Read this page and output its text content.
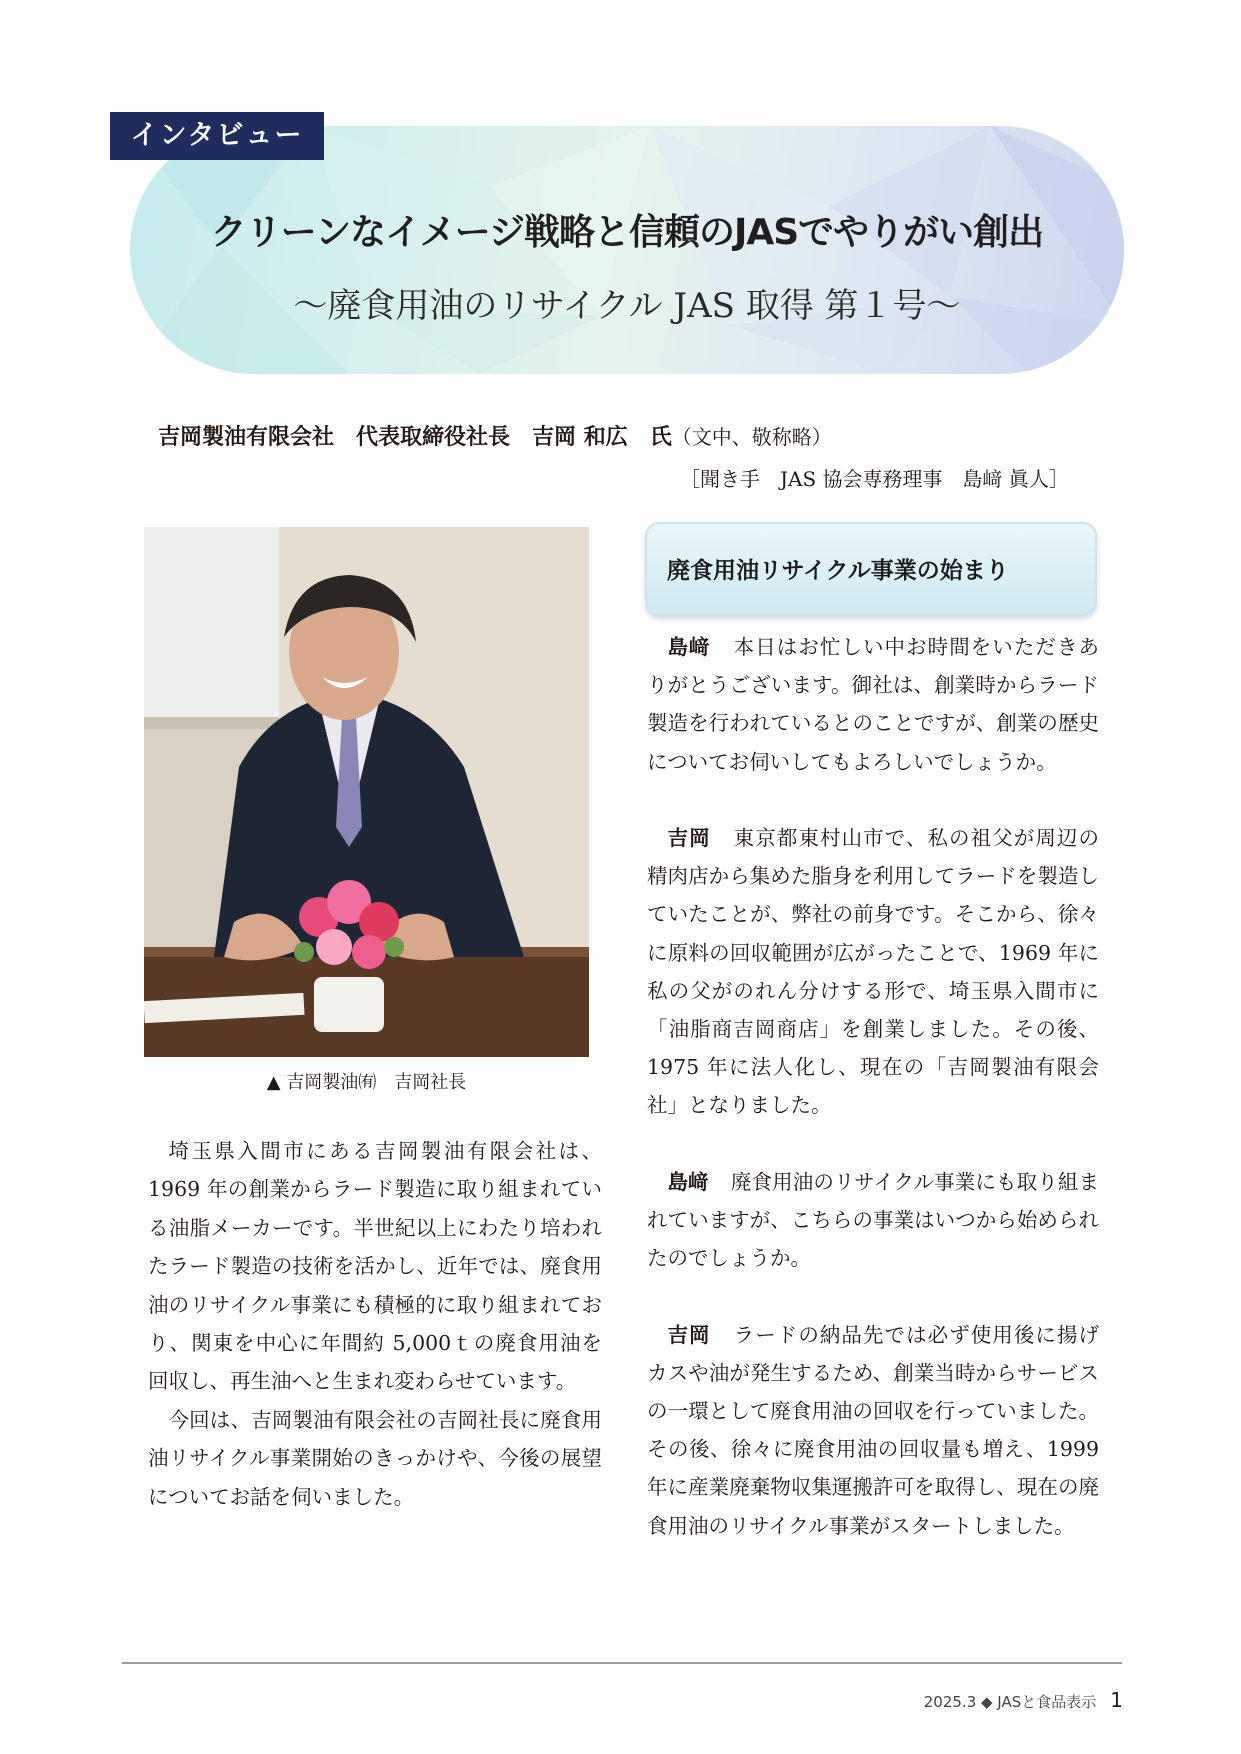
インタビュー
クリーンなイメージ戦略と信頼のJASでやりがい創出
～廃食用油のリサイクル JAS 取得 第１号～
吉岡製油有限会社 代表取締役社長 吉岡 和広　氏（文中、敬称略）
［聞き手　JAS 協会専務理事　島﨑 眞人］
▲ 吉岡製油㈲　吉岡社長

埼玉県入間市にある吉岡製油有限会社は、1969 年の創業からラード製造に取り組まれている油脂メーカーです。半世紀以上にわたり培われたラード製造の技術を活かし、近年では、廃食用油のリサイクル事業にも積極的に取り組まれており、関東を中心に年間約 5,000ｔの廃食用油を回収し、再生油へと生まれ変わらせています。

今回は、吉岡製油有限会社の吉岡社長に廃食用油リサイクル事業開始のきっかけや、今後の展望についてお話を伺いました。

廃食用油リサイクル事業の始まり

島﨑 本日はお忙しい中お時間をいただきありがとうございます。御社は、創業時からラード製造を行われているとのことですが、創業の歴史についてお伺いしてもよろしいでしょうか。

吉岡 東京都東村山市で、私の祖父が周辺の精肉店から集めた脂身を利用してラードを製造していたことが、弊社の前身です。そこから、徐々に原料の回収範囲が広がったことで、1969 年に私の父がのれん分けする形で、埼玉県入間市に「油脂商吉岡商店」を創業しました。その後、1975 年に法人化し、現在の「吉岡製油有限会社」となりました。

島﨑 廃食用油のリサイクル事業にも取り組まれていますが、こちらの事業はいつから始められたのでしょうか。

吉岡 ラードの納品先では必ず使用後に揚げカスや油が発生するため、創業当時からサービスの一環として廃食用油の回収を行っていました。その後、徐々に廃食用油の回収量も増え、1999 年に産業廃棄物収集運搬許可を取得し、現在の廃食用油のリサイクル事業がスタートしました。

2025.3 ◆ JASと食品表示 1
